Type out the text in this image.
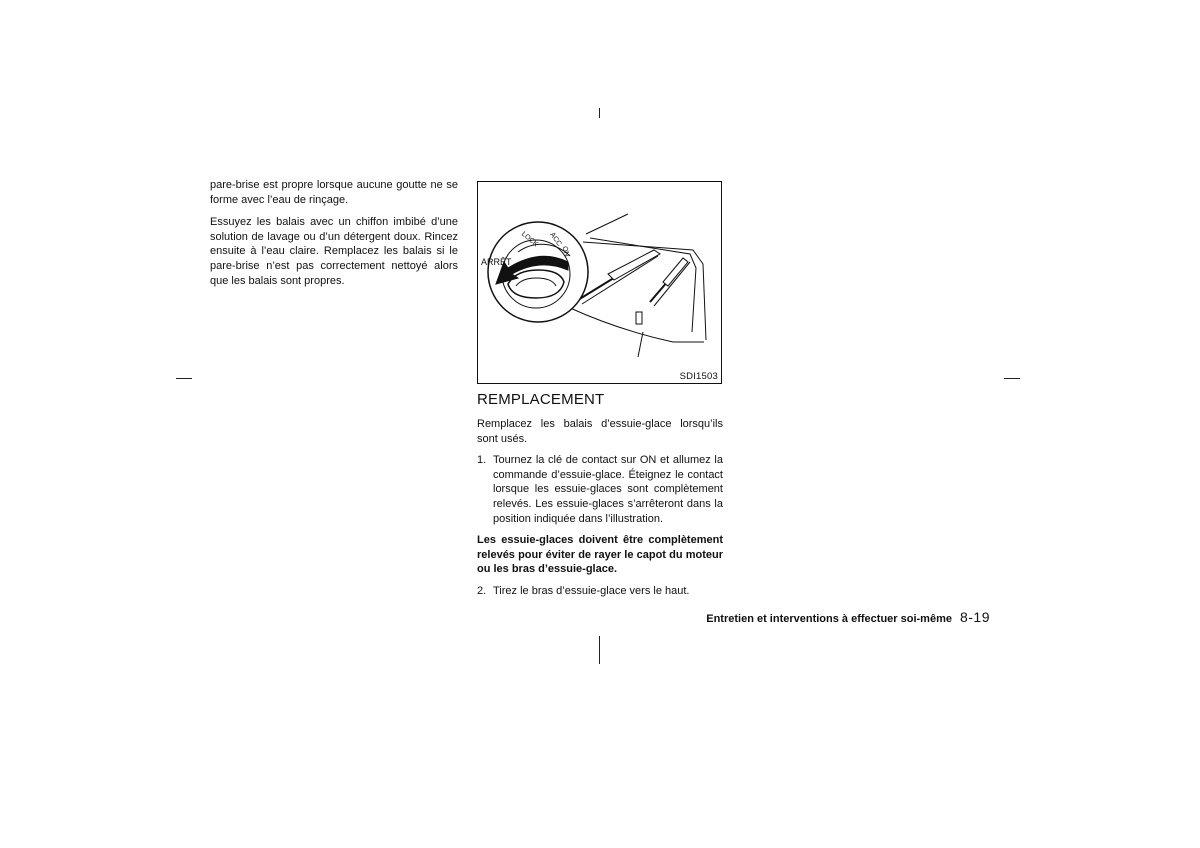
pare-brise est propre lorsque aucune goutte ne se forme avec l’eau de rinçage.

Essuyez les balais avec un chiffon imbibé d’une solution de lavage ou d’un détergent doux. Rincez ensuite à l’eau claire. Remplacez les balais si le pare-brise n’est pas correctement nettoyé alors que les balais sont propres.

ARRÊT
LOCK ACC
ON
SDI1503
REMPLACEMENT

Remplacez les balais d’essuie-glace lorsqu’ils sont usés.

1. Tournez la clé de contact sur ON et allumez la commande d’essuie-glace. Éteignez le contact lorsque les essuie-glaces sont complètement relevés. Les essuie-glaces s’arrêteront dans la position indiquée dans l’illustration.

Les essuie-glaces doivent être complètement relevés pour éviter de rayer le capot du moteur ou les bras d’essuie-glace.

2. Tirez le bras d’essuie-glace vers le haut.
Entretien et interventions à effectuer soi-même 8-19
